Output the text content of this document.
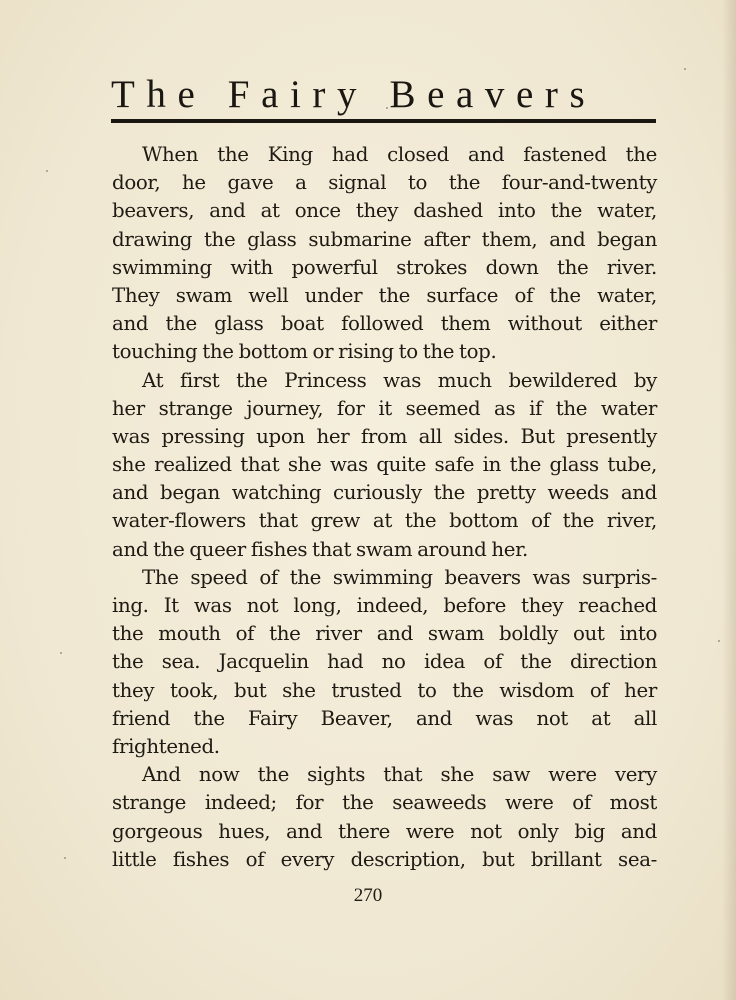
The Fairy Beavers
When the King had closed and fastened the
door, he gave a signal to the four-and-twenty
beavers, and at once they dashed into the water,
drawing the glass submarine after them, and began
swimming with powerful strokes down the river.
They swam well under the surface of the water,
and the glass boat followed them without either
touching the bottom or rising to the top.
At first the Princess was much bewildered by
her strange journey, for it seemed as if the water
was pressing upon her from all sides. But presently
she realized that she was quite safe in the glass tube,
and began watching curiously the pretty weeds and
water-flowers that grew at the bottom of the river,
and the queer fishes that swam around her.
The speed of the swimming beavers was surpris-
ing. It was not long, indeed, before they reached
the mouth of the river and swam boldly out into
the sea. Jacquelin had no idea of the direction
they took, but she trusted to the wisdom of her
friend the Fairy Beaver, and was not at all
frightened.
And now the sights that she saw were very
strange indeed; for the seaweeds were of most
gorgeous hues, and there were not only big and
little fishes of every description, but brillant sea-
270
